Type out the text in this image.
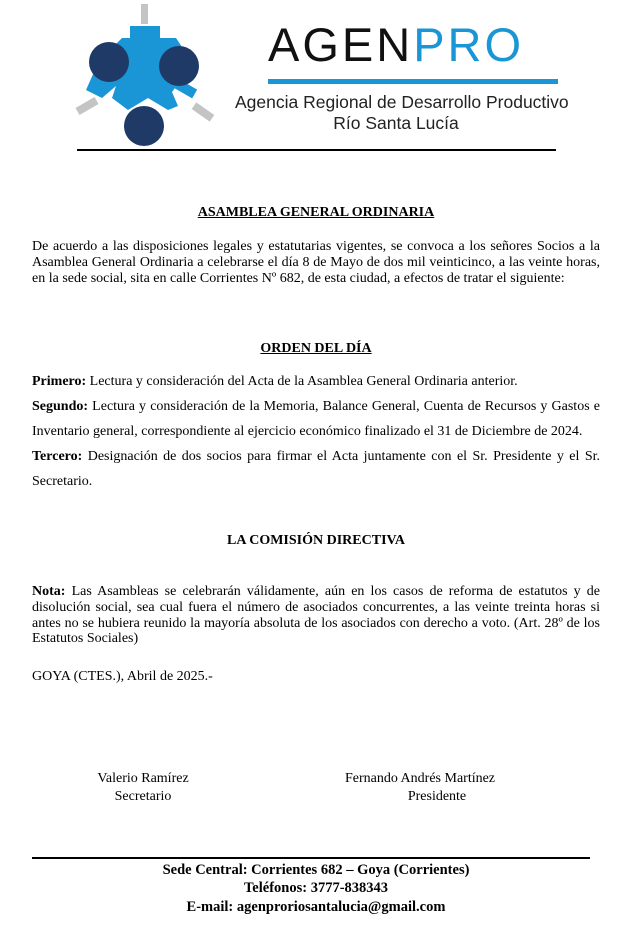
AGENPRO
Agencia Regional de Desarrollo Productivo
Río Santa Lucía
ASAMBLEA GENERAL ORDINARIA
De acuerdo a las disposiciones legales y estatutarias vigentes, se convoca a los señores Socios a la Asamblea General Ordinaria a celebrarse el día 8 de Mayo de dos mil veinticinco, a las veinte horas, en la sede social, sita en calle Corrientes Nº 682, de esta ciudad, a efectos de tratar el siguiente:
ORDEN DEL DÍA
Primero: Lectura y consideración del Acta de la Asamblea General Ordinaria anterior.
Segundo: Lectura y consideración de la Memoria, Balance General, Cuenta de Recursos y Gastos e Inventario general, correspondiente al ejercicio económico finalizado el 31 de Diciembre de 2024.
Tercero: Designación de dos socios para firmar el Acta juntamente con el Sr. Presidente y el Sr. Secretario.
LA COMISIÓN DIRECTIVA
Nota: Las Asambleas se celebrarán válidamente, aún en los casos de reforma de estatutos y de disolución social, sea cual fuera el número de asociados concurrentes, a las veinte treinta horas si antes no se hubiera reunido la mayoría absoluta de los asociados con derecho a voto. (Art. 28º de los Estatutos Sociales)
GOYA (CTES.), Abril de 2025.-
Valerio Ramírez
Secretario
Fernando Andrés Martínez
Presidente
Sede Central: Corrientes 682 – Goya (Corrientes)
Teléfonos: 3777-838343
E-mail: agenproriosantalucia@gmail.com
